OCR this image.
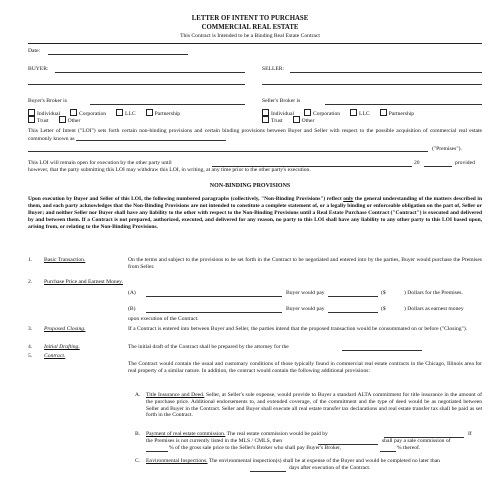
LETTER OF INTENT TO PURCHASE
COMMERCIAL REAL ESTATE
This Contract is Intended to be a Binding Real Estate Contract
Date:
BUYER:	SELLER:
Buyer's Broker is	Seller's Broker is
Individual	Corporation	LLC	Partnership
Trust	Other
Individual	Corporation	LLC	Partnership
Trust	Other
This Letter of Intent ("LOI") sets forth certain non-binding provisions and certain binding provisions between Buyer and Seller with respect to the possible acquisition of commercial real estate commonly known as
("Premises").
This LOI will remain open for execution by the other party until	20	provided
however, that the party submitting this LOI may withdraw this LOI, in writing, at any time prior to the other party's execution.
NON-BINDING PROVISIONS
Upon execution by Buyer and Seller of this LOI, the following numbered paragraphs (collectively, "Non-Binding Provisions") reflect only the general understanding of the matters described in them, and each party acknowledges that the Non-Binding Provisions are not intended to constitute a complete statement of, or a legally binding or enforceable obligation on the part of, Seller or Buyer; and neither Seller nor Buyer shall have any liability to the other with respect to the Non-Binding Provisions until a Real Estate Purchase Contract ("Contract") is executed and delivered by and between them. If a Contract is not prepared, authorized, executed, and delivered for any reason, no party to this LOI shall have any liability to any other party to this LOI based upon, arising from, or relating to the Non-Binding Provisions.
1. Basic Transaction.	On the terms and subject to the provisions to be set forth in the Contract to be negotiated and entered into by the parties, Buyer would purchase the Premises from Seller.
2. Purchase Price and Earnest Money.
(A)	Buyer would pay	($	) Dollars for the Premises.
(B)	Buyer would pay	($	) Dollars as earnest money
upon execution of the Contract.
3. Proposed Closing.	If a Contract is entered into between Buyer and Seller, the parties intend that the proposed transaction would be consummated on or before ("Closing").
4. Initial Drafting.	The initial draft of the Contract shall be prepared by the attorney for the
5. Contract.
The Contract would contain the usual and customary conditions of those typically found in commercial real estate contracts in the Chicago, Illinois area for real property of a similar nature. In addition, the contract would contain the following additional provisions:
A. Title Insurance and Deed. Seller, at Seller's sole expense, would provide to Buyer a standard ALTA commitment for title insurance in the amount of the purchase price. Additional endorsements to, and extended coverage, of the commitment and the type of deed would be as negotiated between Seller and Buyer in the Contract. Seller and Buyer shall execute all real estate transfer tax declarations and real estate transfer tax shall be paid as set forth in the Contract.
B. Payment of real estate commission. The real estate commission would be paid by	If
the Premises is not currently listed in the MLS / CMLS, then	shall pay a sale commission of
% of the gross sale price to the Seller's Broker who shall pay Buyer's Broker,	% thereof.
C. Environmental Inspections. The environmental inspection(s) shall be at expense of the Buyer and would be completed no later than
days after execution of the Contract.
